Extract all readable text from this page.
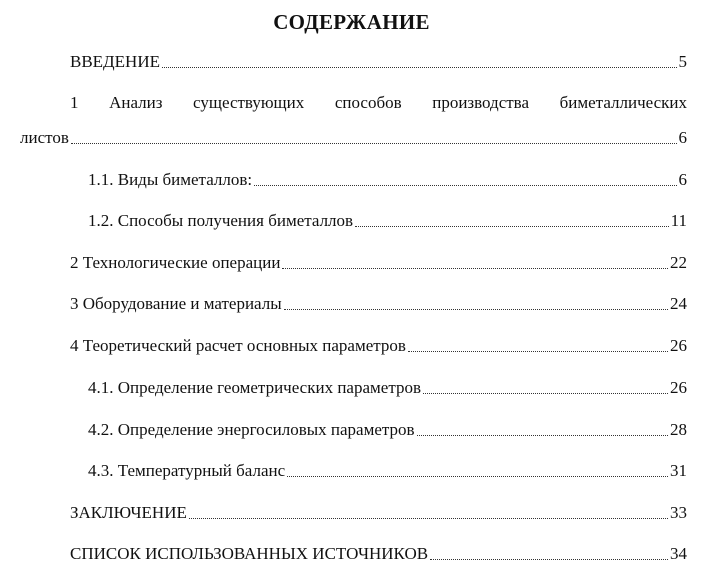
СОДЕРЖАНИЕ
ВВЕДЕНИЕ	5
1 Анализ существующих способов производства биметаллических
листов	6
1.1. Виды биметаллов:	6
1.2. Способы получения биметаллов	11
2 Технологические операции	22
3 Оборудование и материалы	24
4 Теоретический расчет основных параметров	26
4.1. Определение геометрических параметров	26
4.2. Определение энергосиловых параметров	28
4.3. Температурный баланс	31
ЗАКЛЮЧЕНИЕ	33
СПИСОК ИСПОЛЬЗОВАННЫХ ИСТОЧНИКОВ	34
